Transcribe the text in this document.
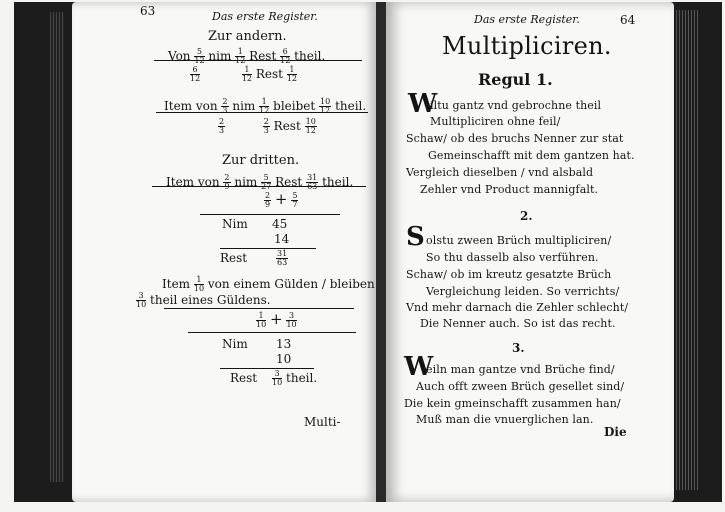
63	Das erste Register.
Zur andern.
Von $\frac{5}{12}$ nim $\frac{1}{12}$ Rest $\frac{6}{12}$ theil.
$\frac{6}{12}$
	$\frac{1}{12}$ Rest $\frac{1}{12}$
Item von $\frac{2}{3}$ nim $\frac{1}{12}$ bleibet $\frac{10}{12}$ theil.
$\frac{2}{3}$
	$\frac{2}{3}$ Rest $\frac{10}{12}$
Zur dritten.
Item von $\frac{2}{9}$ nim $\frac{5}{27}$ Rest $\frac{31}{63}$ theil.
$\frac{2}{9} + \frac{5}{7}$
Nim 45
14
Rest	$\frac{31}{63}$
Item $\frac{1}{10}$ von einem Gülden / bleiben
$\frac{3}{10}$ theil eines Güldens.
$\frac{1}{10} + \frac{3}{10}$
Nim 13
10
Rest $\frac{3}{10}$ theil.
Multi-
Das erste Register.	64
Multipliciren.
Regul 1.
W
iltu gantz vnd gebrochne theil
Multipliciren ohne feil/
Schaw/ ob des bruchs Nenner zur stat
Gemeinschafft mit dem gantzen hat.
Vergleich dieselben / vnd alsbald
Zehler vnd Product mannigfalt.
2.
S olstu zween Brüch multipliciren/
So thu dasselb also verführen.
Schaw/ ob im kreutz gesatzte Brüch
Vergleichung leiden. So verrichts/
Vnd mehr darnach die Zehler schlecht/
Die Nenner auch. So ist das recht.
3.
W
eiln man gantze vnd Brüche find/
Auch offt zween Brüch gesellet sind/
Die kein gmeinschafft zusammen han/
Muß man die vnuerglichen lan.
Die
